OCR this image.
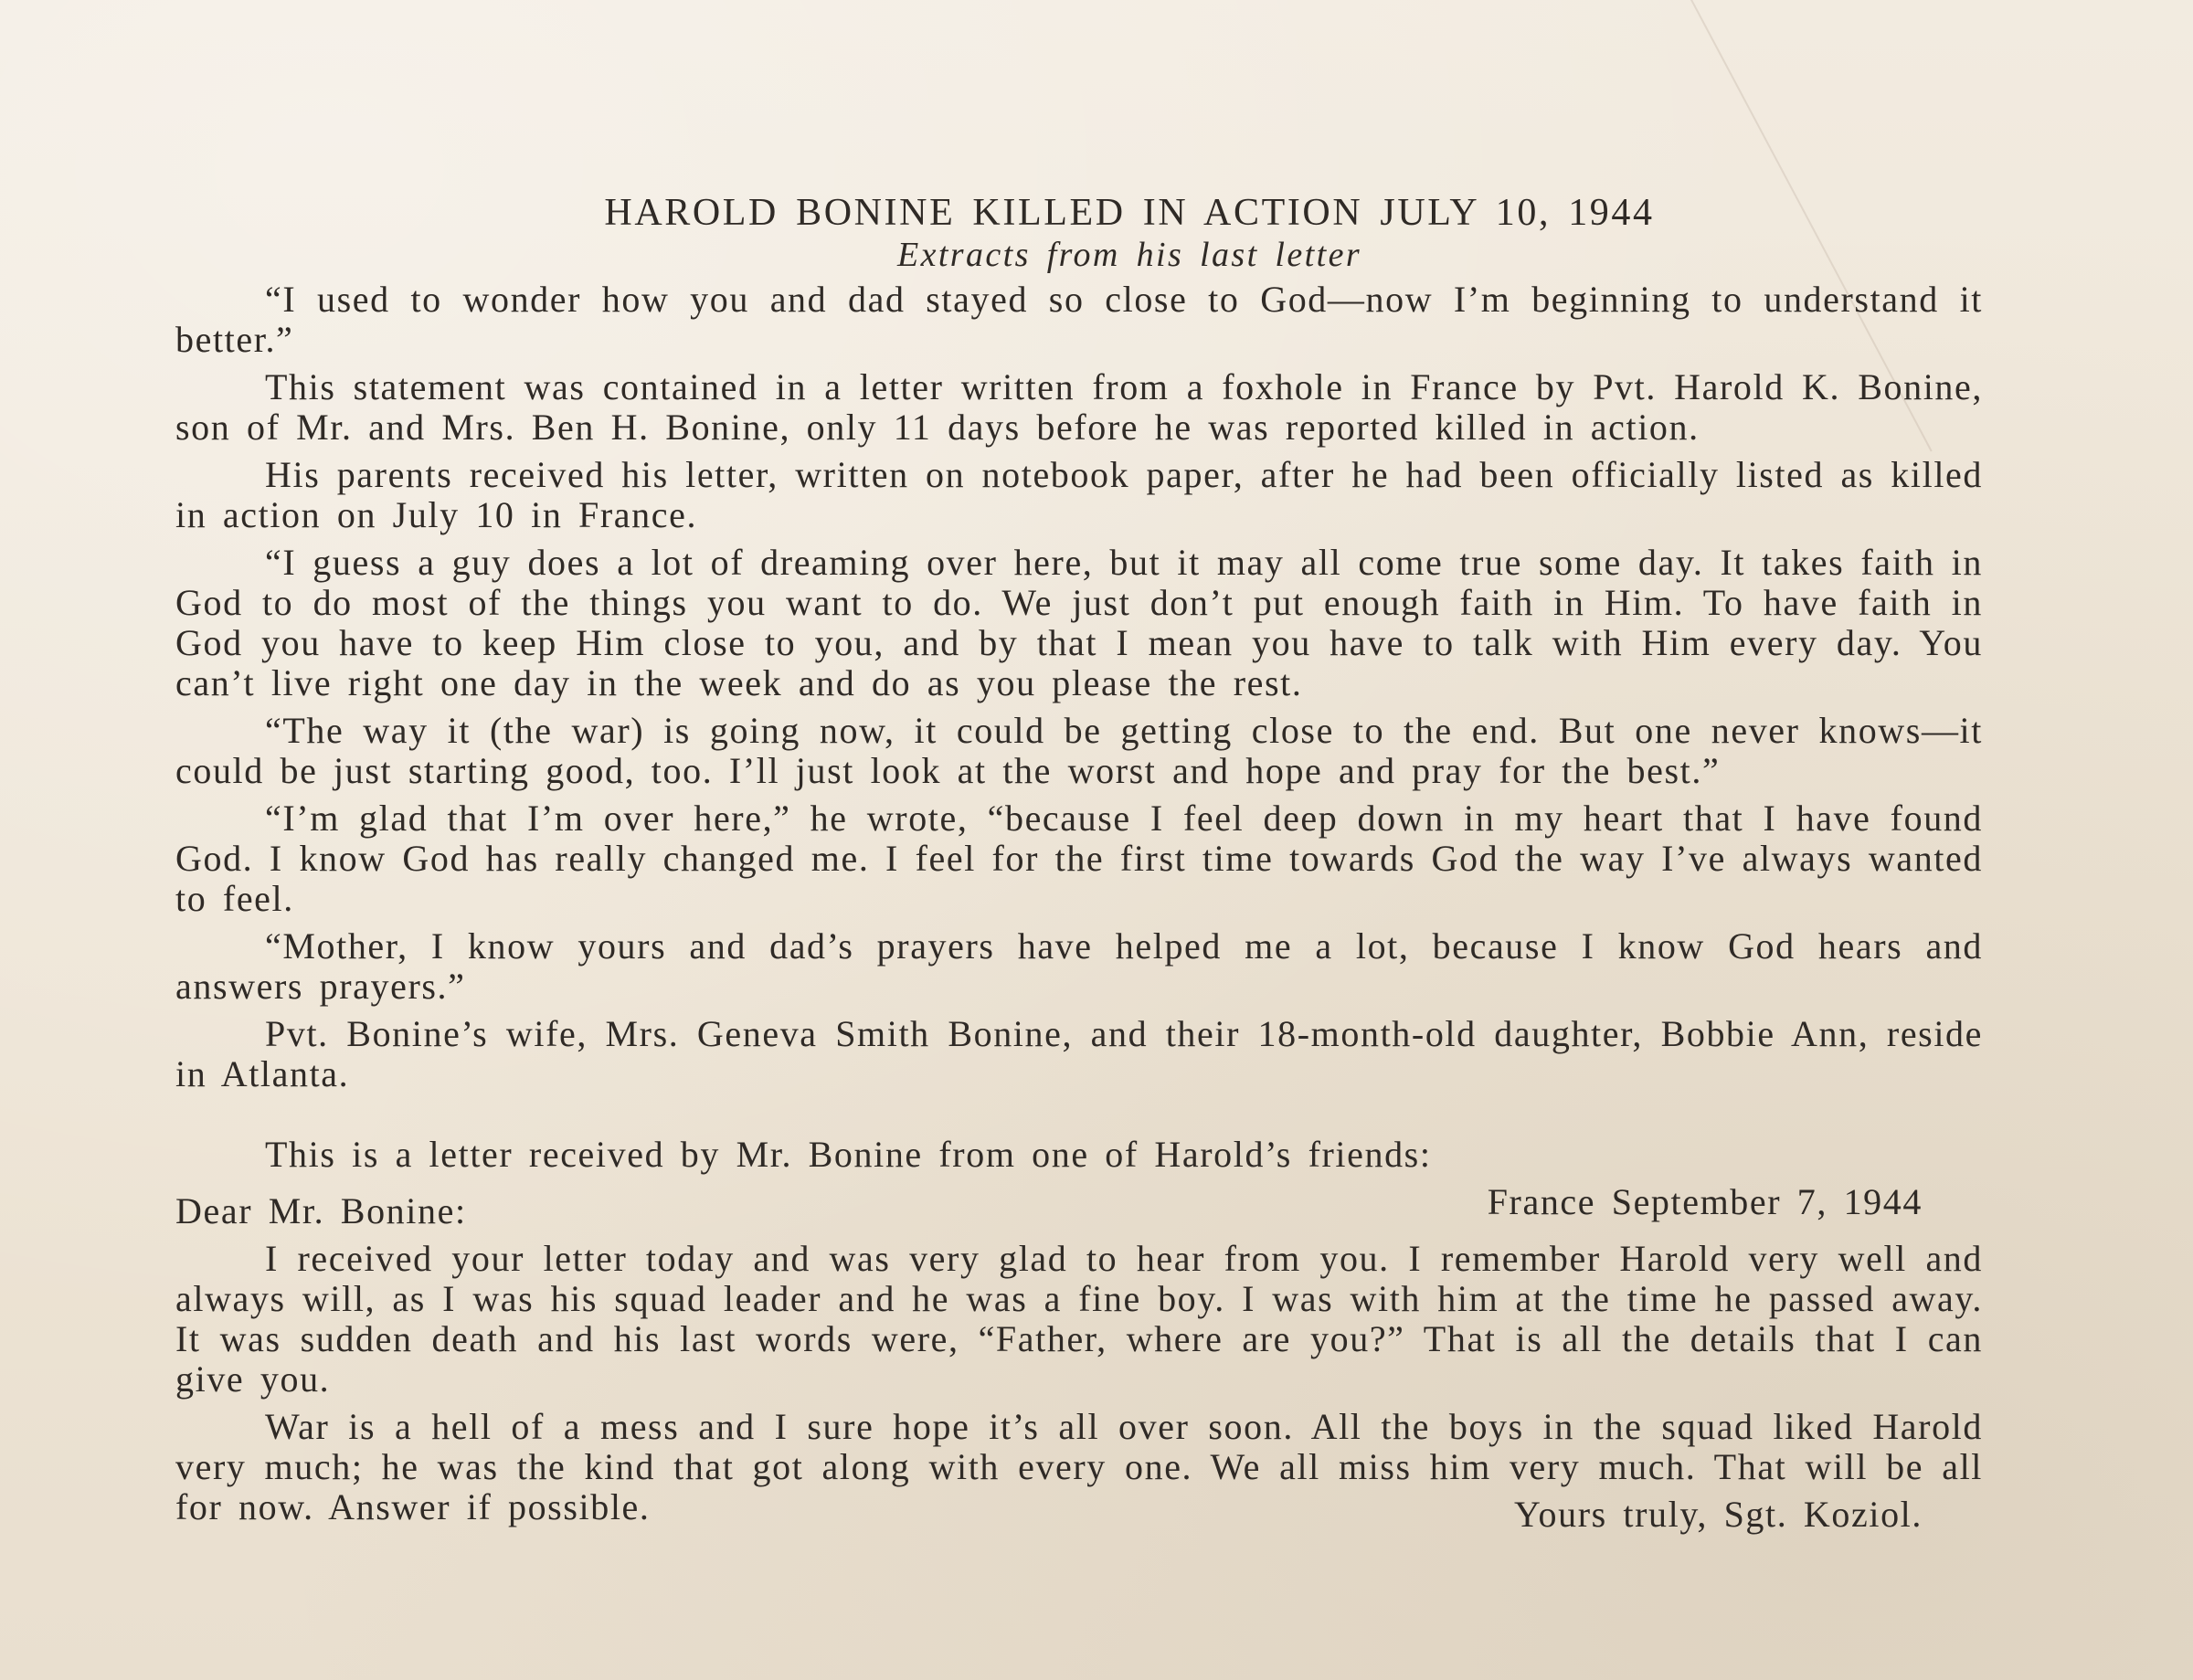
HAROLD BONINE KILLED IN ACTION JULY 10, 1944
Extracts from his last letter

“I used to wonder how you and dad stayed so close to God—now I’m beginning to understand it better.”

This statement was contained in a letter written from a foxhole in France by Pvt. Harold K. Bonine, son of Mr. and Mrs. Ben H. Bonine, only 11 days before he was reported killed in action.

His parents received his letter, written on notebook paper, after he had been officially listed as killed in action on July 10 in France.

“I guess a guy does a lot of dreaming over here, but it may all come true some day. It takes faith in God to do most of the things you want to do. We just don’t put enough faith in Him. To have faith in God you have to keep Him close to you, and by that I mean you have to talk with Him every day. You can’t live right one day in the week and do as you please the rest.

“The way it (the war) is going now, it could be getting close to the end. But one never knows—it could be just starting good, too. I’ll just look at the worst and hope and pray for the best.”

“I’m glad that I’m over here,” he wrote, “because I feel deep down in my heart that I have found God. I know God has really changed me. I feel for the first time towards God the way I’ve always wanted to feel.

“Mother, I know yours and dad’s prayers have helped me a lot, because I know God hears and answers prayers.”

Pvt. Bonine’s wife, Mrs. Geneva Smith Bonine, and their 18-month-old daughter, Bobbie Ann, reside in Atlanta.

This is a letter received by Mr. Bonine from one of Harold’s friends:

Dear Mr. Bonine:	France September 7, 1944

I received your letter today and was very glad to hear from you. I remember Harold very well and always will, as I was his squad leader and he was a fine boy. I was with him at the time he passed away. It was sudden death and his last words were, “Father, where are you?” That is all the details that I can give you.

War is a hell of a mess and I sure hope it’s all over soon. All the boys in the squad liked Harold very much; he was the kind that got along with every one. We all miss him very much. That will be all for now. Answer if possible.	Yours truly, Sgt. Koziol.
